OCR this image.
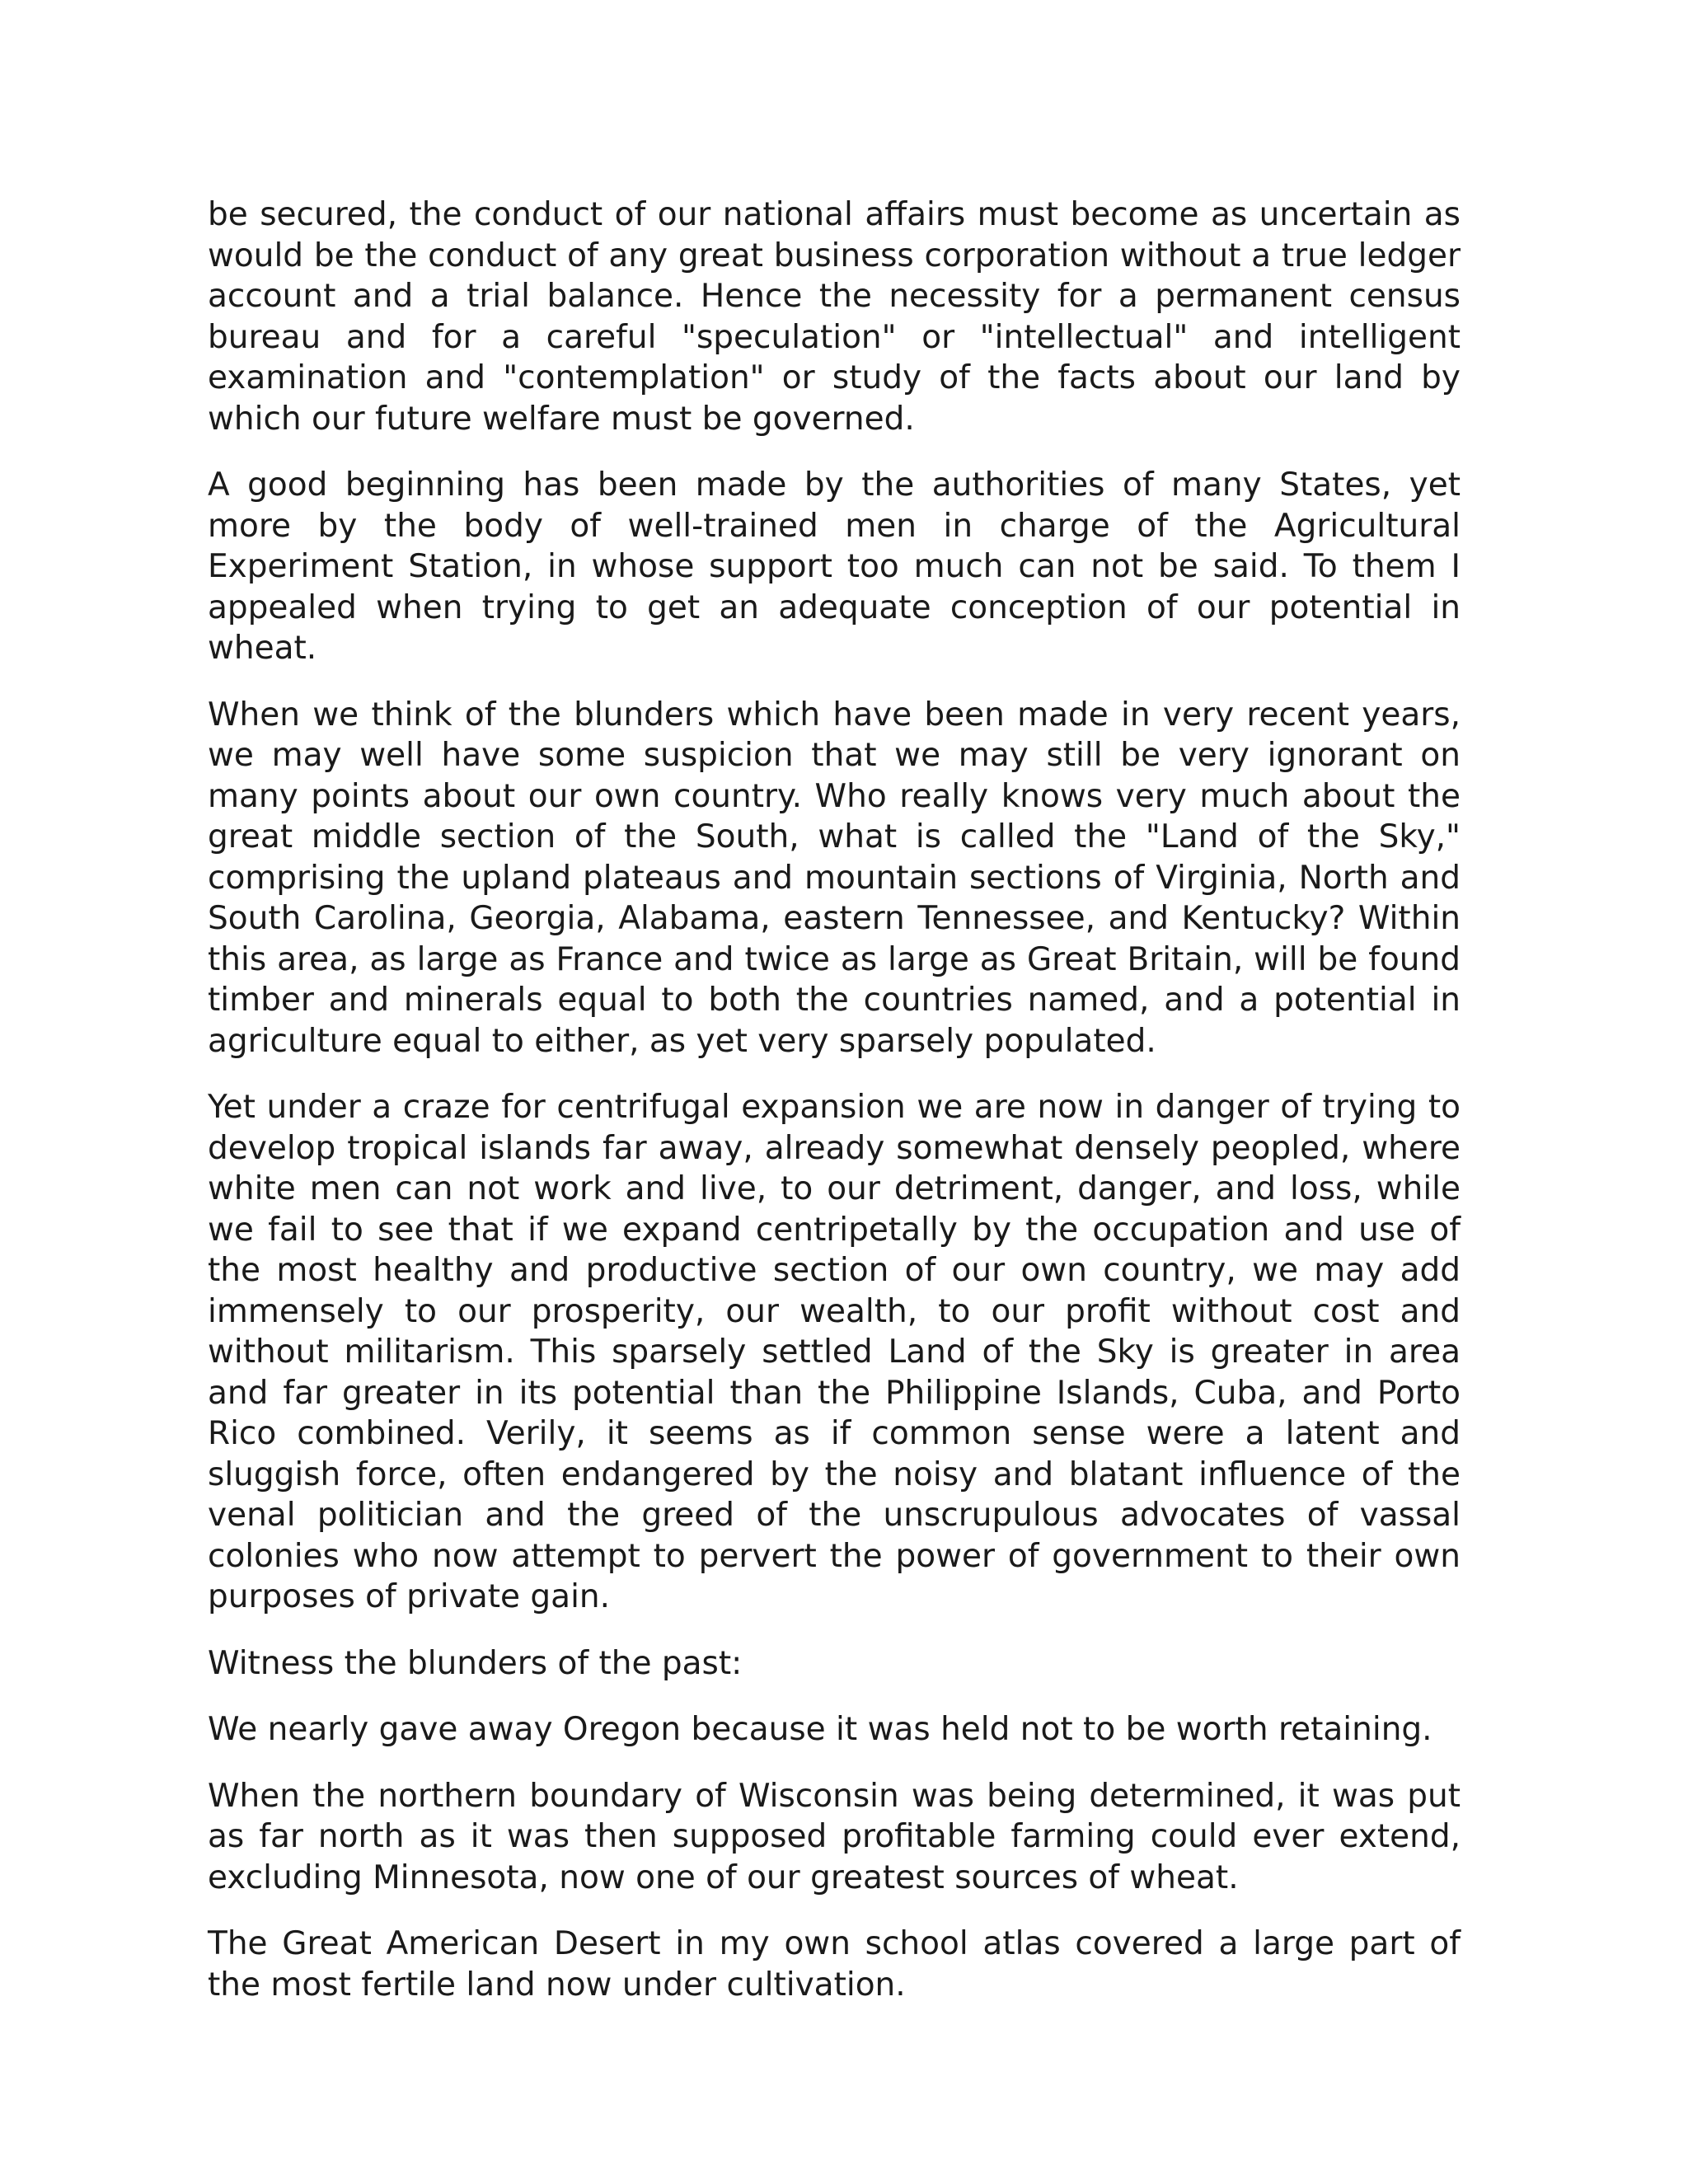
be secured, the conduct of our national affairs must become as uncertain as would be the conduct of any great business corporation without a true ledger account and a trial balance. Hence the necessity for a permanent census bureau and for a careful "speculation" or "intellectual" and intelligent examination and "contemplation" or study of the facts about our land by which our future welfare must be governed.

A good beginning has been made by the authorities of many States, yet more by the body of well-trained men in charge of the Agricultural Experiment Station, in whose support too much can not be said. To them I appealed when trying to get an adequate conception of our potential in wheat.

When we think of the blunders which have been made in very recent years, we may well have some suspicion that we may still be very ignorant on many points about our own country. Who really knows very much about the great middle section of the South, what is called the "Land of the Sky," comprising the upland plateaus and mountain sections of Virginia, North and South Carolina, Georgia, Alabama, eastern Tennessee, and Kentucky? Within this area, as large as France and twice as large as Great Britain, will be found timber and minerals equal to both the countries named, and a potential in agriculture equal to either, as yet very sparsely populated.

Yet under a craze for centrifugal expansion we are now in danger of trying to develop tropical islands far away, already somewhat densely peopled, where white men can not work and live, to our detriment, danger, and loss, while we fail to see that if we expand centripetally by the occupation and use of the most healthy and productive section of our own country, we may add immensely to our prosperity, our wealth, to our profit without cost and without militarism. This sparsely settled Land of the Sky is greater in area and far greater in its potential than the Philippine Islands, Cuba, and Porto Rico combined. Verily, it seems as if common sense were a latent and sluggish force, often endangered by the noisy and blatant influence of the venal politician and the greed of the unscrupulous advocates of vassal colonies who now attempt to pervert the power of government to their own purposes of private gain.

Witness the blunders of the past:

We nearly gave away Oregon because it was held not to be worth retaining.

When the northern boundary of Wisconsin was being determined, it was put as far north as it was then supposed profitable farming could ever extend, excluding Minnesota, now one of our greatest sources of wheat.

The Great American Desert in my own school atlas covered a large part of the most fertile land now under cultivation.
